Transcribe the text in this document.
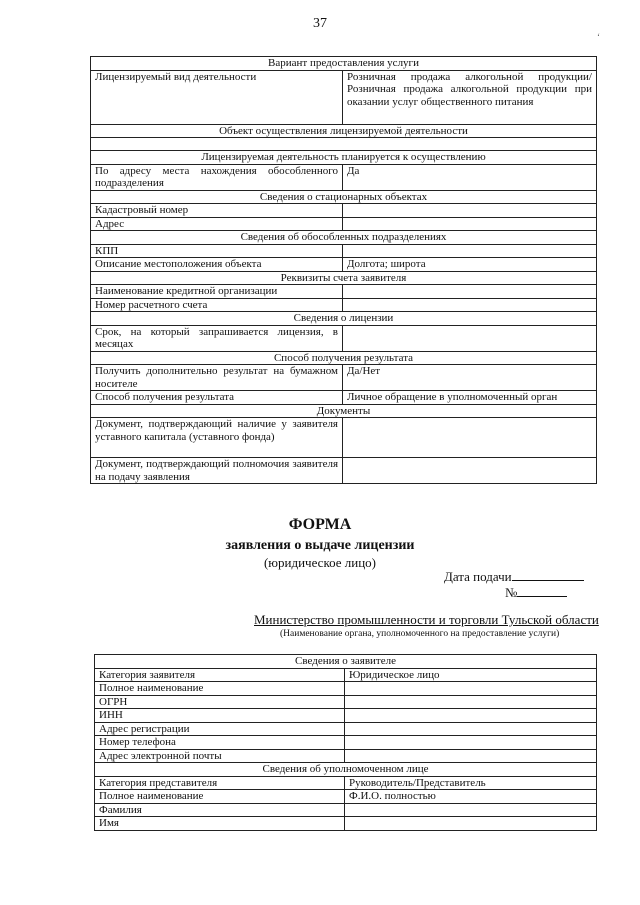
37
ʻ
Вариант предоставления услуги	
Лицензируемый вид деятельности	Розничная продажа алкогольной продукции/Розничная продажа алкогольной продукции при оказании услуг общественного питания
Объект осуществления лицензируемой деятельности	

Лицензируемая деятельность планируется к осуществлению	
По адресу места нахождения обособленного подразделения	Да
Сведения о стационарных объектах	
Кадастровый номер	
Адрес	
Сведения об обособленных подразделениях	
КПП	
Описание местоположения объекта	Долгота; широта
Реквизиты счета заявителя	
Наименование кредитной организации	
Номер расчетного счета	
Сведения о лицензии	
Срок, на который запрашивается лицензия, в месяцах	
Способ получения результата	
Получить дополнительно результат на бумажном носителе	Да/Нет
Способ получения результата	Личное обращение в уполномоченный орган
Документы	
Документ, подтверждающий наличие у заявителя уставного капитала (уставного фонда)	
Документ, подтверждающий полномочия заявителя на подачу заявления	
ФОРМА
заявления о выдаче лицензии
(юридическое лицо)
Дата подачи
№
Министерство промышленности и торговли Тульской области
(Наименование органа, уполномоченного на предоставление услуги)
Сведения о заявителе	
Категория заявителя	Юридическое лицо
Полное наименование	
ОГРН	
ИНН	
Адрес регистрации	
Номер телефона	
Адрес электронной почты	
Сведения об уполномоченном лице	
Категория представителя	Руководитель/Представитель
Полное наименование	Ф.И.О. полностью
Фамилия	
Имя	
